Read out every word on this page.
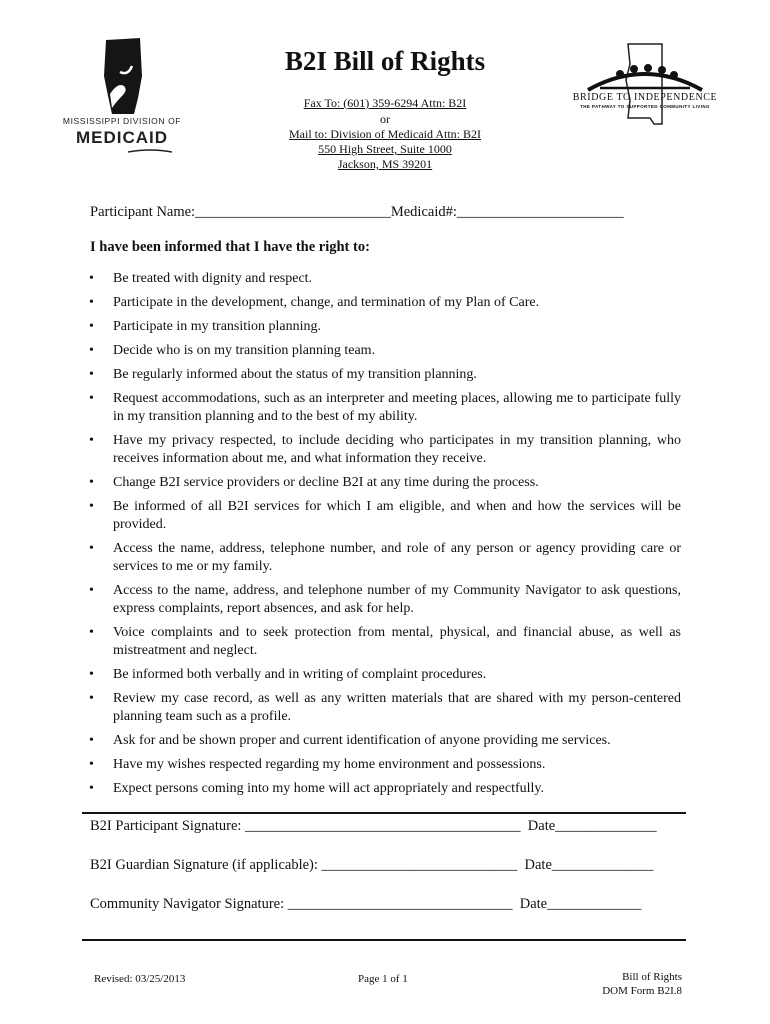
MISSISSIPPI DIVISION OF
MEDICAID
B2I Bill of Rights
Fax To: (601) 359-6294 Attn: B2I
or
Mail to: Division of Medicaid Attn: B2I
550 High Street, Suite 1000
Jackson, MS 39201
BRIDGE TO INDEPENDENCE
THE PATHWAY TO SUPPORTED COMMUNITY LIVING
Participant Name:___________________________Medicaid#:_______________________
I have been informed that I have the right to:
• Be treated with dignity and respect.
• Participate in the development, change, and termination of my Plan of Care.
• Participate in my transition planning.
• Decide who is on my transition planning team.
• Be regularly informed about the status of my transition planning.
• Request accommodations, such as an interpreter and meeting places, allowing me to participate fully in my transition planning and to the best of my ability.
• Have my privacy respected, to include deciding who participates in my transition planning, who receives information about me, and what information they receive.
• Change B2I service providers or decline B2I at any time during the process.
• Be informed of all B2I services for which I am eligible, and when and how the services will be provided.
• Access the name, address, telephone number, and role of any person or agency providing care or services to me or my family.
• Access to the name, address, and telephone number of my Community Navigator to ask questions, express complaints, report absences, and ask for help.
• Voice complaints and to seek protection from mental, physical, and financial abuse, as well as mistreatment and neglect.
• Be informed both verbally and in writing of complaint procedures.
• Review my case record, as well as any written materials that are shared with my person-centered planning team such as a profile.
• Ask for and be shown proper and current identification of anyone providing me services.
• Have my wishes respected regarding my home environment and possessions.
• Expect persons coming into my home will act appropriately and respectfully.
B2I Participant Signature: ______________________________________  Date______________
B2I Guardian Signature (if applicable): ___________________________  Date______________
Community Navigator Signature: _______________________________  Date_____________
Revised: 03/25/2013	Page 1 of 1	Bill of Rights
DOM Form B2I.8
